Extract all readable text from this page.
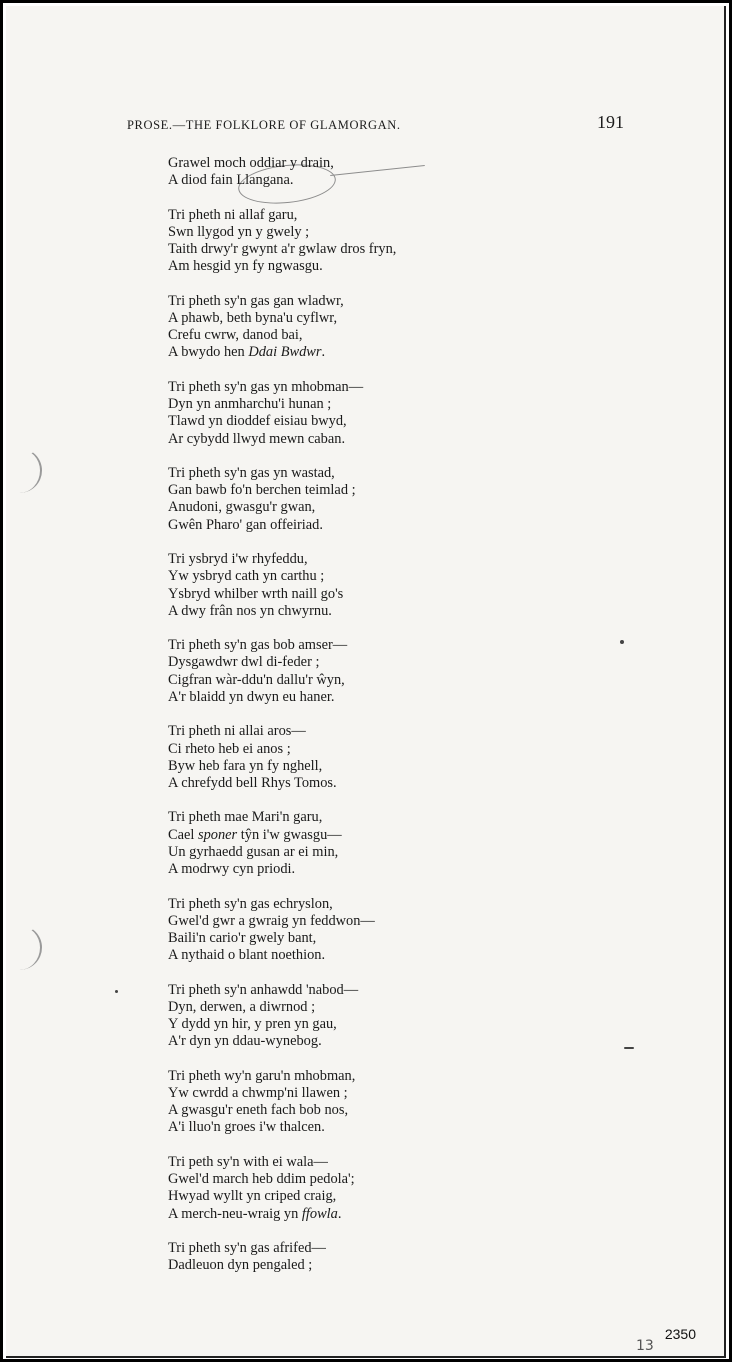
PROSE.—THE FOLKLORE OF GLAMORGAN.	191
Grawel moch oddiar y drain,
A diod fain Llangana.
Tri pheth ni allaf garu,
Swn llygod yn y gwely ;
Taith drwy'r gwynt a'r gwlaw dros fryn,
Am hesgid yn fy ngwasgu.
Tri pheth sy'n gas gan wladwr,
A phawb, beth byna'u cyflwr,
Crefu cwrw, danod bai,
A bwydo hen Ddai Bwdwr.
Tri pheth sy'n gas yn mhobman—
Dyn yn anmharchu'i hunan ;
Tlawd yn dioddef eisiau bwyd,
Ar cybydd llwyd mewn caban.
Tri pheth sy'n gas yn wastad,
Gan bawb fo'n berchen teimlad ;
Anudoni, gwasgu'r gwan,
Gwên Pharo' gan offeiriad.
Tri ysbryd i'w rhyfeddu,
Yw ysbryd cath yn carthu ;
Ysbryd whilber wrth naill go's
A dwy frân nos yn chwyrnu.
Tri pheth sy'n gas bob amser—
Dysgawdwr dwl di-feder ;
Cigfran wàr-ddu'n dallu'r ŵyn,
A'r blaidd yn dwyn eu haner.
Tri pheth ni allai aros—
Ci rheto heb ei anos ;
Byw heb fara yn fy nghell,
A chrefydd bell Rhys Tomos.
Tri pheth mae Mari'n garu,
Cael sponer tŷn i'w gwasgu—
Un gyrhaedd gusan ar ei min,
A modrwy cyn priodi.
Tri pheth sy'n gas echryslon,
Gwel'd gwr a gwraig yn feddwon—
Baili'n cario'r gwely bant,
A nythaid o blant noethion.
Tri pheth sy'n anhawdd 'nabod—
Dyn, derwen, a diwrnod ;
Y dydd yn hir, y pren yn gau,
A'r dyn yn ddau-wynebog.
Tri pheth wy'n garu'n mhobman,
Yw cwrdd a chwmp'ni llawen ;
A gwasgu'r eneth fach bob nos,
A'i lluo'n groes i'w thalcen.
Tri peth sy'n with ei wala—
Gwel'd march heb ddim pedola';
Hwyad wyllt yn criped craig,
A merch-neu-wraig yn ffowla.
Tri pheth sy'n gas afrifed—
Dadleuon dyn pengaled ;
2350
13
